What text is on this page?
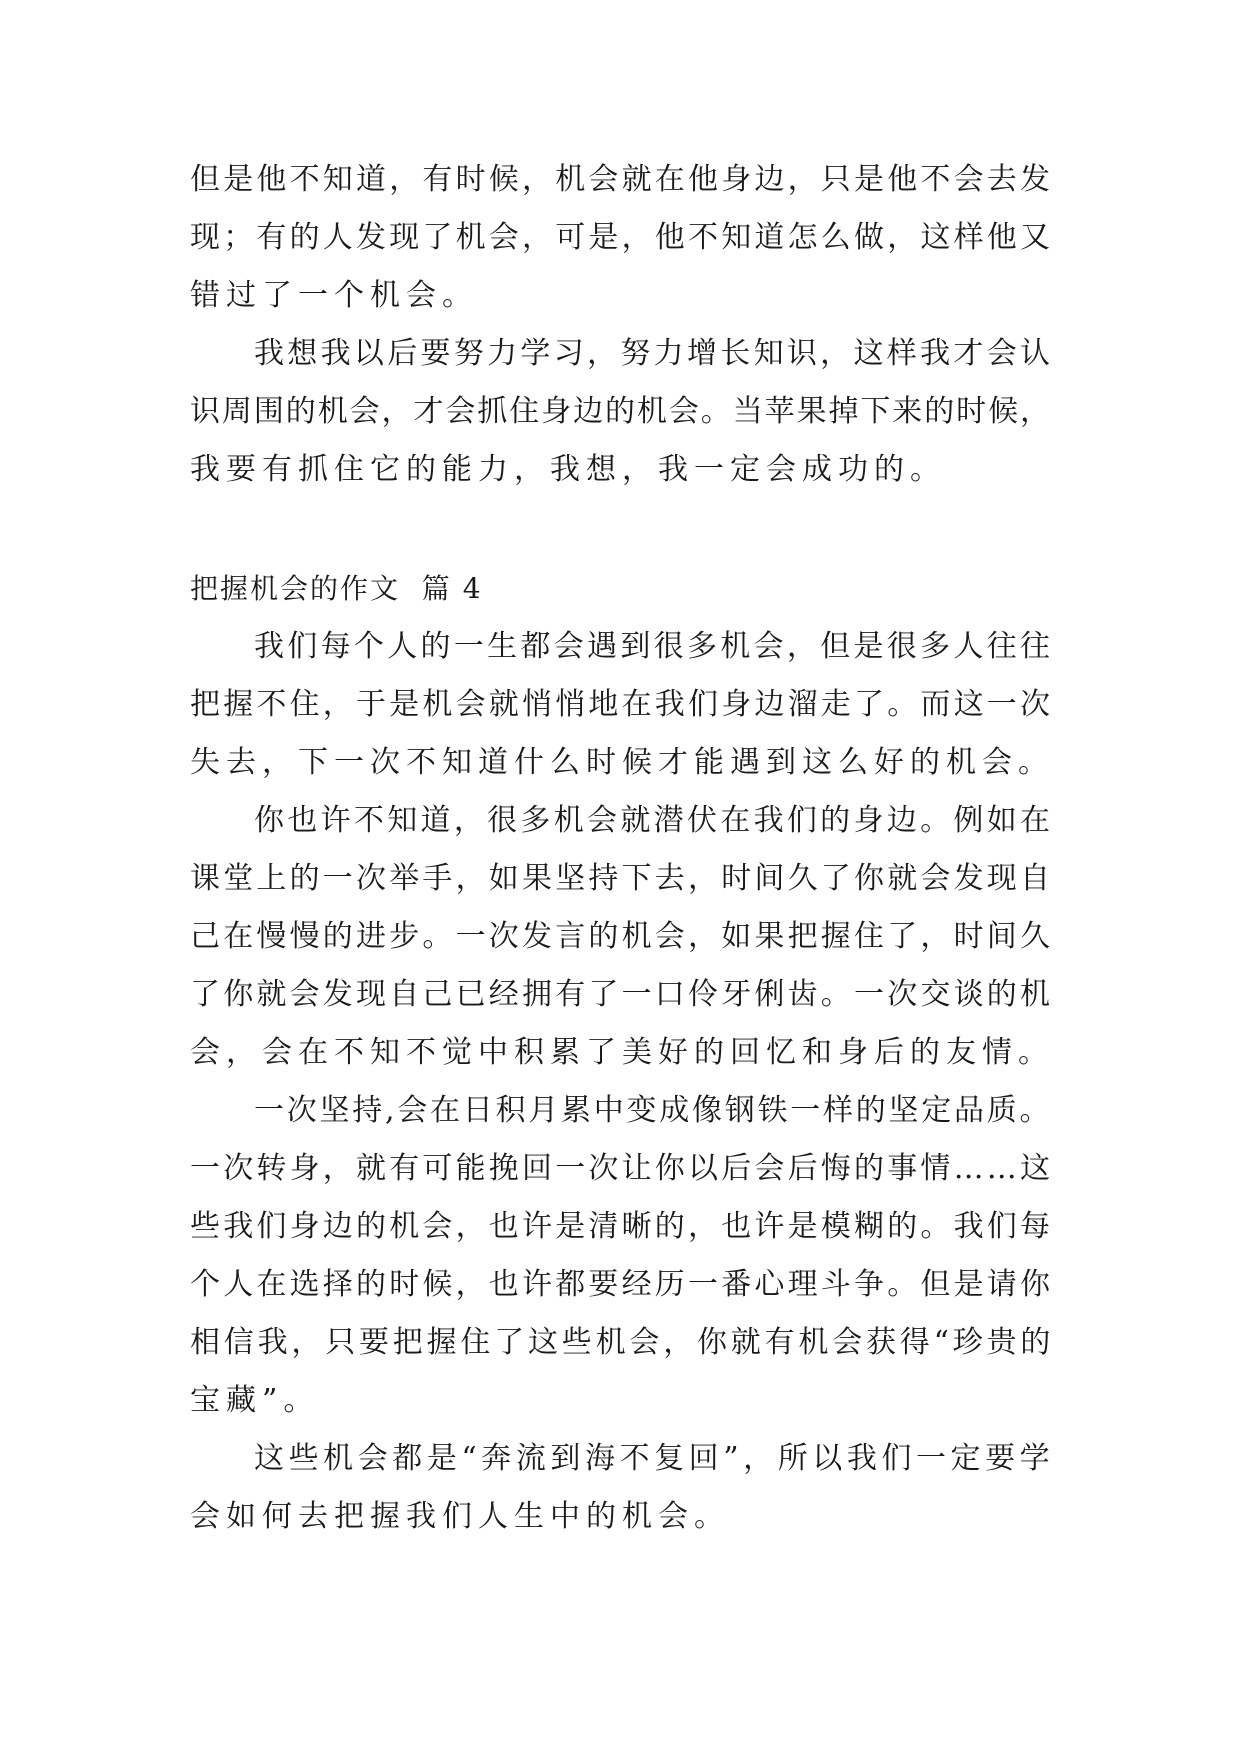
但是他不知道，有时候，机会就在他身边，只是他不会去发
现；有的人发现了机会，可是，他不知道怎么做，这样他又
错过了一个机会。
我想我以后要努力学习，努力增长知识，这样我才会认
识周围的机会，才会抓住身边的机会。当苹果掉下来的时候，
我要有抓住它的能力，我想，我一定会成功的。
把握机会的作文  篇 4
我们每个人的一生都会遇到很多机会，但是很多人往往
把握不住，于是机会就悄悄地在我们身边溜走了。而这一次
失去，下一次不知道什么时候才能遇到这么好的机会。
你也许不知道，很多机会就潜伏在我们的身边。例如在
课堂上的一次举手，如果坚持下去，时间久了你就会发现自
己在慢慢的进步。一次发言的机会，如果把握住了，时间久
了你就会发现自己已经拥有了一口伶牙俐齿。一次交谈的机
会，会在不知不觉中积累了美好的回忆和身后的友情。
一次坚持,会在日积月累中变成像钢铁一样的坚定品质。
一次转身，就有可能挽回一次让你以后会后悔的事情……这
些我们身边的机会，也许是清晰的，也许是模糊的。我们每
个人在选择的时候，也许都要经历一番心理斗争。但是请你
相信我，只要把握住了这些机会，你就有机会获得“珍贵的
宝藏”。
这些机会都是“奔流到海不复回”，所以我们一定要学
会如何去把握我们人生中的机会。
